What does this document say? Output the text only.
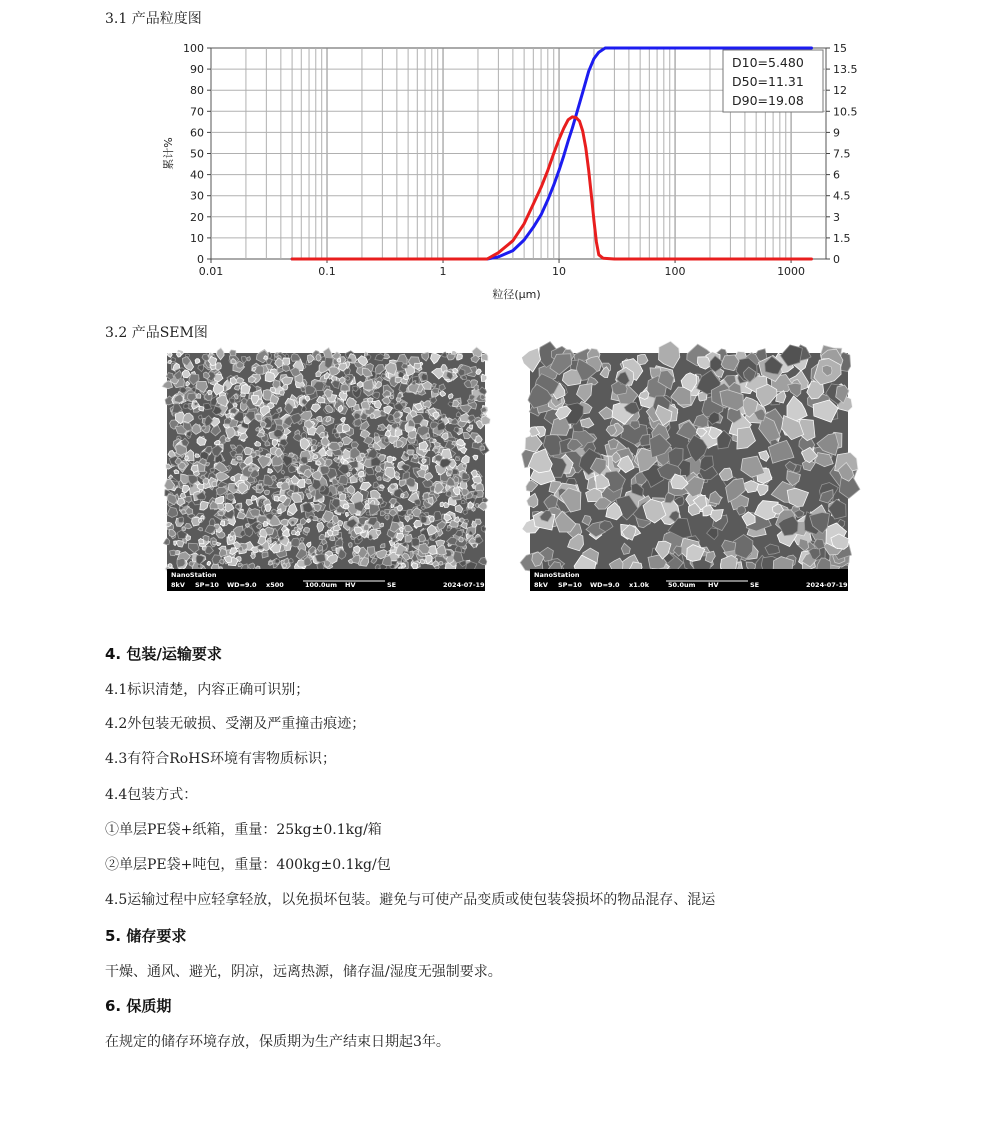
3.1 产品粒度图
0
10
20
30
40
50
60
70
80
90
100
0
1.5
3
4.5
6
7.5
9
10.5
12
13.5
15
0.01	0.1	1	10	100	1000
粒径(μm)
累计%
D10=5.480
D50=11.31
D90=19.08
3.2 产品SEM图
NanoStation
8kV SP=10 WD=9.0 x500	100.0um HV	SE	2024-07-19
NanoStation
8kV SP=10 WD=9.0 x1.0k	50.0um HV	SE	2024-07-19
4. 包装/运输要求
4.1标识清楚，内容正确可识别；
4.2外包装无破损、受潮及严重撞击痕迹；
4.3有符合RoHS环境有害物质标识；
4.4包装方式：
①单层PE袋+纸箱，重量：25kg±0.1kg/箱
②单层PE袋+吨包，重量：400kg±0.1kg/包
4.5运输过程中应轻拿轻放，以免损坏包装。避免与可使产品变质或使包装袋损坏的物品混存、混运
5. 储存要求
干燥、通风、避光，阴凉，远离热源，储存温/湿度无强制要求。
6. 保质期
在规定的储存环境存放，保质期为生产结束日期起3年。
